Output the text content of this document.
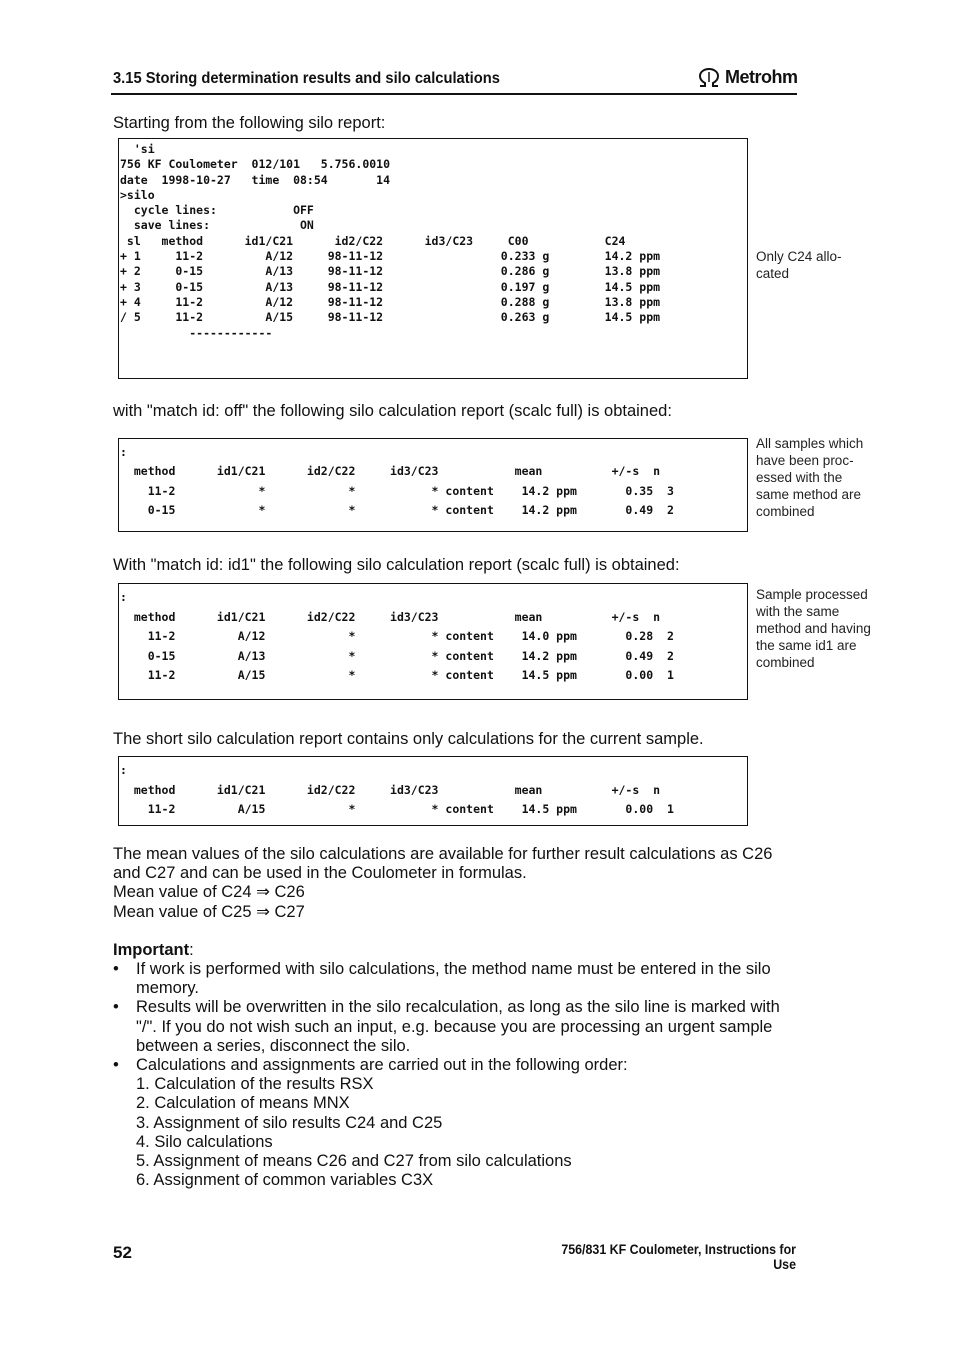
3.15 Storing determination results and silo calculations	Metrohm
Starting from the following silo report:
'si
756 KF Coulometer  012/101   5.756.0010
date  1998-10-27   time  08:54       14
>silo
cycle lines:           OFF
save lines:             ON
sl   method      id1/C21      id2/C22      id3/C23     C00           C24
+ 1     11-2         A/12     98-11-12                 0.233 g        14.2 ppm
+ 2     0-15         A/13     98-11-12                 0.286 g        13.8 ppm
+ 3     0-15         A/13     98-11-12                 0.197 g        14.5 ppm
+ 4     11-2         A/12     98-11-12                 0.288 g        13.8 ppm
/ 5     11-2         A/15     98-11-12                 0.263 g        14.5 ppm
------------
Only C24 allo-
cated
with "match id: off" the following silo calculation report (scalc full) is obtained:
:
method      id1/C21      id2/C22     id3/C23           mean          +/-s  n
11-2            *            *           * content    14.2 ppm       0.35  3
0-15            *            *           * content    14.2 ppm       0.49  2
All samples which
have been proc-
essed with the
same method are
combined
With "match id: id1" the following silo calculation report (scalc full) is obtained:
:
method      id1/C21      id2/C22     id3/C23           mean          +/-s  n
11-2         A/12            *           * content    14.0 ppm       0.28  2
0-15         A/13            *           * content    14.2 ppm       0.49  2
11-2         A/15            *           * content    14.5 ppm       0.00  1
Sample processed
with the same
method and having
the same id1 are
combined
The short silo calculation report contains only calculations for the current sample.
:
method      id1/C21      id2/C22     id3/C23           mean          +/-s  n
11-2         A/15            *           * content    14.5 ppm       0.00  1
The mean values of the silo calculations are available for further result calculations as C26
and C27 and can be used in the Coulometer in formulas.
Mean value of C24 ⇒ C26
Mean value of C25 ⇒ C27
Important:
•	If work is performed with silo calculations, the method name must be entered in the silo memory.
•	Results will be overwritten in the silo recalculation, as long as the silo line is marked with "/". If you do not wish such an input, e.g. because you are processing an urgent sample between a series, disconnect the silo.
•	Calculations and assignments are carried out in the following order:
1. Calculation of the results RSX
2. Calculation of means MNX
3. Assignment of silo results C24 and C25
4. Silo calculations
5. Assignment of means C26 and C27 from silo calculations
6. Assignment of common variables C3X
52	756/831 KF Coulometer, Instructions for Use
